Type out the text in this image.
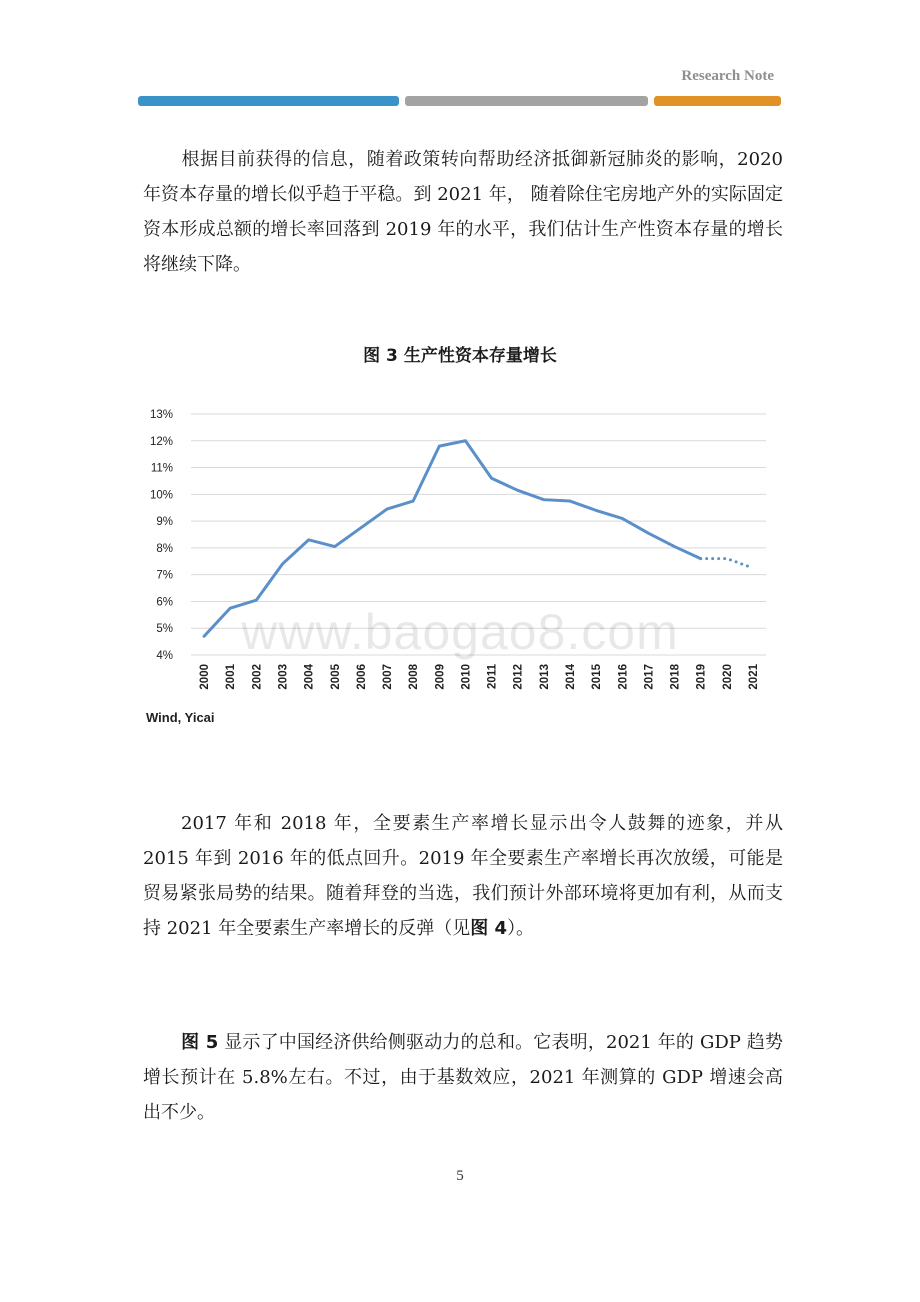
Research Note
根据目前获得的信息，随着政策转向帮助经济抵御新冠肺炎的影响，2020 年资本存量的增长似乎趋于平稳。到 2021 年， 随着除住宅房地产外的实际固定资本形成总额的增长率回落到 2019 年的水平，我们估计生产性资本存量的增长将继续下降。
图 3 生产性资本存量增长
4%
5%
6%
7%
8%
9%
10%
11%
12%
13%
2000 2001 2002 2003 2004 2005 2006 2007 2008 2009 2010 2011 2012 2013 2014 2015 2016 2017 2018 2019 2020 2021
www.baogao8.com
Wind, Yicai
2017 年和 2018 年，全要素生产率增长显示出令人鼓舞的迹象，并从 2015 年到 2016 年的低点回升。2019 年全要素生产率增长再次放缓，可能是贸易紧张局势的结果。随着拜登的当选，我们预计外部环境将更加有利，从而支持 2021 年全要素生产率增长的反弹（见图 4）。
图 5 显示了中国经济供给侧驱动力的总和。它表明，2021 年的 GDP 趋势增长预计在 5.8%左右。不过，由于基数效应，2021 年测算的 GDP 增速会高出不少。
5
